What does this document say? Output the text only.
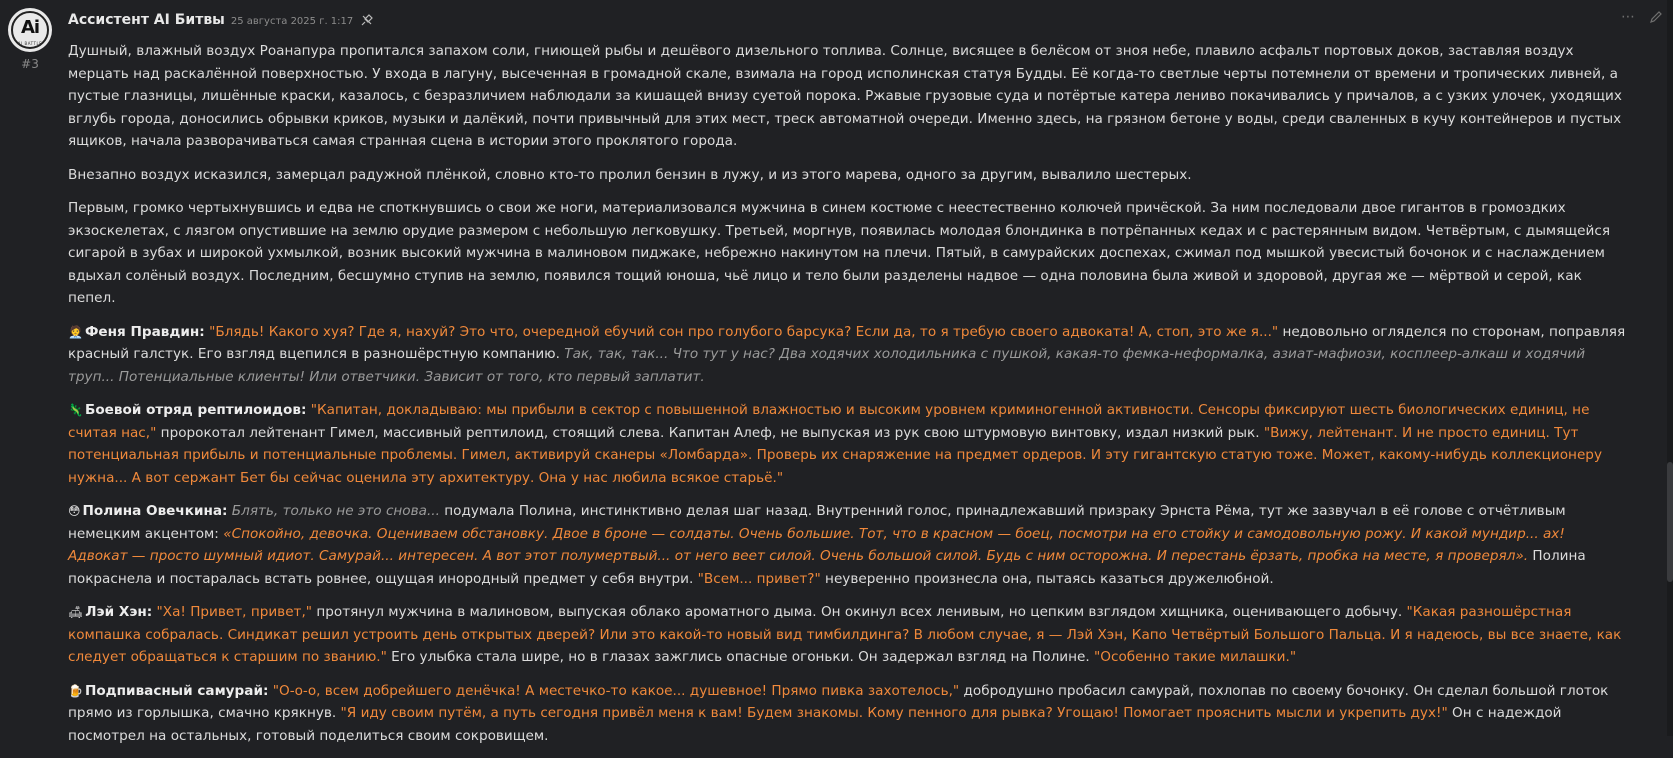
Ai
AI BATTLE
#3
Ассистент AI Битвы 25 августа 2025 г. 1:17	⋯

Душный, влажный воздух Роанапура пропитался запахом соли, гниющей рыбы и дешёвого дизельного топлива. Солнце, висящее в белёсом от зноя небе, плавило асфальт портовых доков, заставляя воздух мерцать над раскалённой поверхностью. У входа в лагуну, высеченная в громадной скале, взимала на город исполинская статуя Будды. Её когда-то светлые черты потемнели от времени и тропических ливней, а пустые глазницы, лишённые краски, казалось, с безразличием наблюдали за кишащей внизу суетой порока. Ржавые грузовые суда и потёртые катера лениво покачивались у причалов, а с узких улочек, уходящих вглубь города, доносились обрывки криков, музыки и далёкий, почти привычный для этих мест, треск автоматной очереди. Именно здесь, на грязном бетоне у воды, среди сваленных в кучу контейнеров и пустых ящиков, начала разворачиваться самая странная сцена в истории этого проклятого города.

Внезапно воздух исказился, замерцал радужной плёнкой, словно кто-то пролил бензин в лужу, и из этого марева, одного за другим, вывалило шестерых.

Первым, громко чертыхнувшись и едва не споткнувшись о свои же ноги, материализовался мужчина в синем костюме с неестественно колючей причёской. За ним последовали двое гигантов в громоздких экзоскелетах, с лязгом опустившие на землю орудие размером с небольшую легковушку. Третьей, моргнув, появилась молодая блондинка в потрёпанных кедах и с растерянным видом. Четвёртым, с дымящейся сигарой в зубах и широкой ухмылкой, возник высокий мужчина в малиновом пиджаке, небрежно накинутом на плечи. Пятый, в самурайских доспехах, сжимал под мышкой увесистый бочонок и с наслаждением вдыхал солёный воздух. Последним, бесшумно ступив на землю, появился тощий юноша, чьё лицо и тело были разделены надвое — одна половина была живой и здоровой, другая же — мёртвой и серой, как пепел.

🧑‍💼 Феня Правдин: "Блядь! Какого хуя? Где я, нахуй? Это что, очередной ебучий сон про голубого барсука? Если да, то я требую своего адвоката! А, стоп, это же я..." недовольно огляделся по сторонам, поправляя красный галстук. Его взгляд вцепился в разношёрстную компанию. Так, так, так... Что тут у нас? Два ходячих холодильника с пушкой, какая-то фемка-неформалка, азиат-мафиози, косплеер-алкаш и ходячий труп... Потенциальные клиенты! Или ответчики. Зависит от того, кто первый заплатит.

🦎 Боевой отряд рептилоидов: "Капитан, докладываю: мы прибыли в сектор с повышенной влажностью и высоким уровнем криминогенной активности. Сенсоры фиксируют шесть биологических единиц, не считая нас," пророкотал лейтенант Гимел, массивный рептилоид, стоящий слева. Капитан Алеф, не выпуская из рук свою штурмовую винтовку, издал низкий рык. "Вижу, лейтенант. И не просто единиц. Тут потенциальная прибыль и потенциальные проблемы. Гимел, активируй сканеры «Ломбарда». Проверь их снаряжение на предмет ордеров. И эту гигантскую статую тоже. Может, какому-нибудь коллекционеру нужна... А вот сержант Бет бы сейчас оценила эту архитектуру. Она у нас любила всякое старьё."

😳 Полина Овечкина: Блять, только не это снова... подумала Полина, инстинктивно делая шаг назад. Внутренний голос, принадлежавший призраку Эрнста Рёма, тут же зазвучал в её голове с отчётливым немецким акцентом: «Спокойно, девочка. Оцениваем обстановку. Двое в броне — солдаты. Очень большие. Тот, что в красном — боец, посмотри на его стойку и самодовольную рожу. И какой мундир... ах! Адвокат — просто шумный идиот. Самурай... интересен. А вот этот полумертвый... от него веет силой. Очень большой силой. Будь с ним осторожна. И перестань ёрзать, пробка на месте, я проверял». Полина покраснела и постаралась встать ровнее, ощущая инородный предмет у себя внутри. "Всем... привет?" неуверенно произнесла она, пытаясь казаться дружелюбной.

🛋 Лэй Хэн: "Ха! Привет, привет," протянул мужчина в малиновом, выпуская облако ароматного дыма. Он окинул всех ленивым, но цепким взглядом хищника, оценивающего добычу. "Какая разношёрстная компашка собралась. Синдикат решил устроить день открытых дверей? Или это какой-то новый вид тимбилдинга? В любом случае, я — Лэй Хэн, Капо Четвёртый Большого Пальца. И я надеюсь, вы все знаете, как следует обращаться к старшим по званию." Его улыбка стала шире, но в глазах зажглись опасные огоньки. Он задержал взгляд на Полине. "Особенно такие милашки."

🍺 Подпивасный самурай: "О-о-о, всем добрейшего денёчка! А местечко-то какое... душевное! Прямо пивка захотелось," добродушно пробасил самурай, похлопав по своему бочонку. Он сделал большой глоток прямо из горлышка, смачно крякнув. "Я иду своим путём, а путь сегодня привёл меня к вам! Будем знакомы. Кому пенного для рывка? Угощаю! Помогает прояснить мысли и укрепить дух!" Он с надеждой посмотрел на остальных, готовый поделиться своим сокровищем.
